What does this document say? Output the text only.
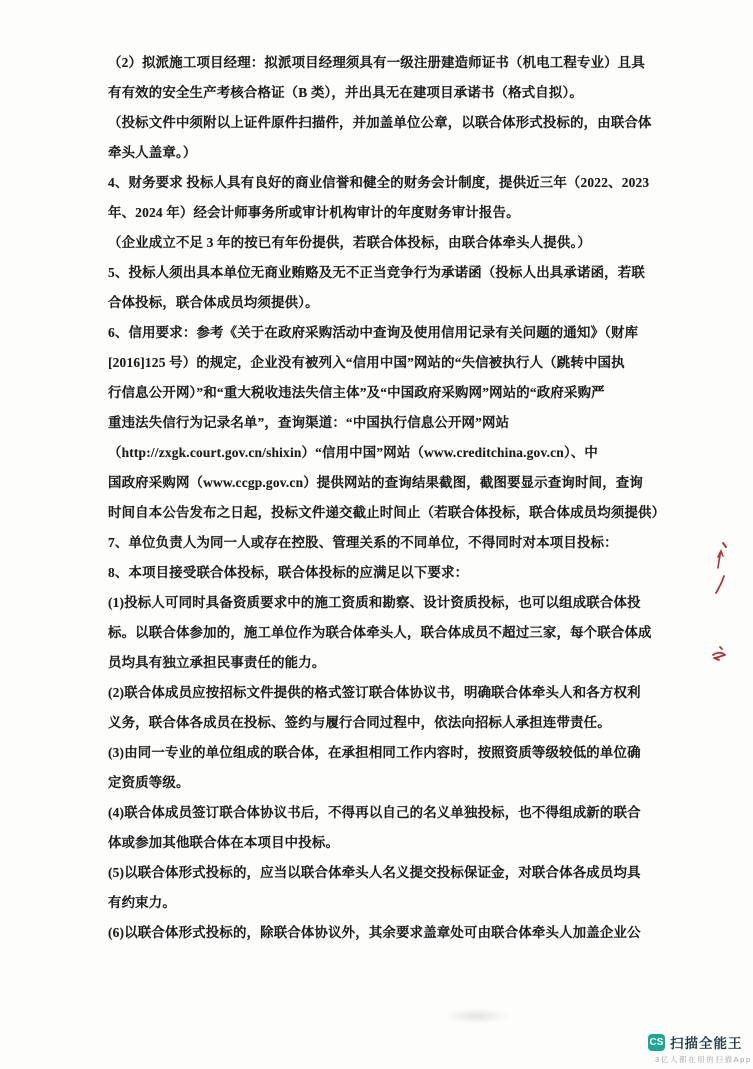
（2）拟派施工项目经理：拟派项目经理须具有一级注册建造师证书（机电工程专业）且具
有有效的安全生产考核合格证（B 类），并出具无在建项目承诺书（格式自拟）。
（投标文件中须附以上证件原件扫描件，并加盖单位公章，以联合体形式投标的，由联合体
牵头人盖章。）
4、财务要求 投标人具有良好的商业信誉和健全的财务会计制度，提供近三年（2022、2023
年、2024 年）经会计师事务所或审计机构审计的年度财务审计报告。
（企业成立不足 3 年的按已有年份提供，若联合体投标，由联合体牵头人提供。）
5、投标人须出具本单位无商业贿赂及无不正当竞争行为承诺函（投标人出具承诺函，若联
合体投标，联合体成员均须提供）。
6、信用要求：参考《关于在政府采购活动中查询及使用信用记录有关问题的通知》（财库
[2016]125 号）的规定，企业没有被列入“信用中国”网站的“失信被执行人（跳转中国执
行信息公开网）”和“重大税收违法失信主体”及“中国政府采购网”网站的“政府采购严
重违法失信行为记录名单”，查询渠道：“中国执行信息公开网”网站
（http://zxgk.court.gov.cn/shixin）“信用中国”网站（www.creditchina.gov.cn）、中
国政府采购网（www.ccgp.gov.cn）提供网站的查询结果截图，截图要显示查询时间，查询
时间自本公告发布之日起，投标文件递交截止时间止（若联合体投标，联合体成员均须提供）
7、单位负责人为同一人或存在控股、管理关系的不同单位，不得同时对本项目投标：
8、本项目接受联合体投标，联合体投标的应满足以下要求：
(1)投标人可同时具备资质要求中的施工资质和勘察、设计资质投标，也可以组成联合体投
标。以联合体参加的，施工单位作为联合体牵头人，联合体成员不超过三家，每个联合体成
员均具有独立承担民事责任的能力。
(2)联合体成员应按招标文件提供的格式签订联合体协议书，明确联合体牵头人和各方权利
义务，联合体各成员在投标、签约与履行合同过程中，依法向招标人承担连带责任。
(3)由同一专业的单位组成的联合体，在承担相同工作内容时，按照资质等级较低的单位确
定资质等级。
(4)联合体成员签订联合体协议书后，不得再以自己的名义单独投标，也不得组成新的联合
体或参加其他联合体在本项目中投标。
(5)以联合体形式投标的，应当以联合体牵头人名义提交投标保证金，对联合体各成员均具
有约束力。
(6)以联合体形式投标的，除联合体协议外，其余要求盖章处可由联合体牵头人加盖企业公
CS 扫描全能王
3亿人都在用的扫描App
